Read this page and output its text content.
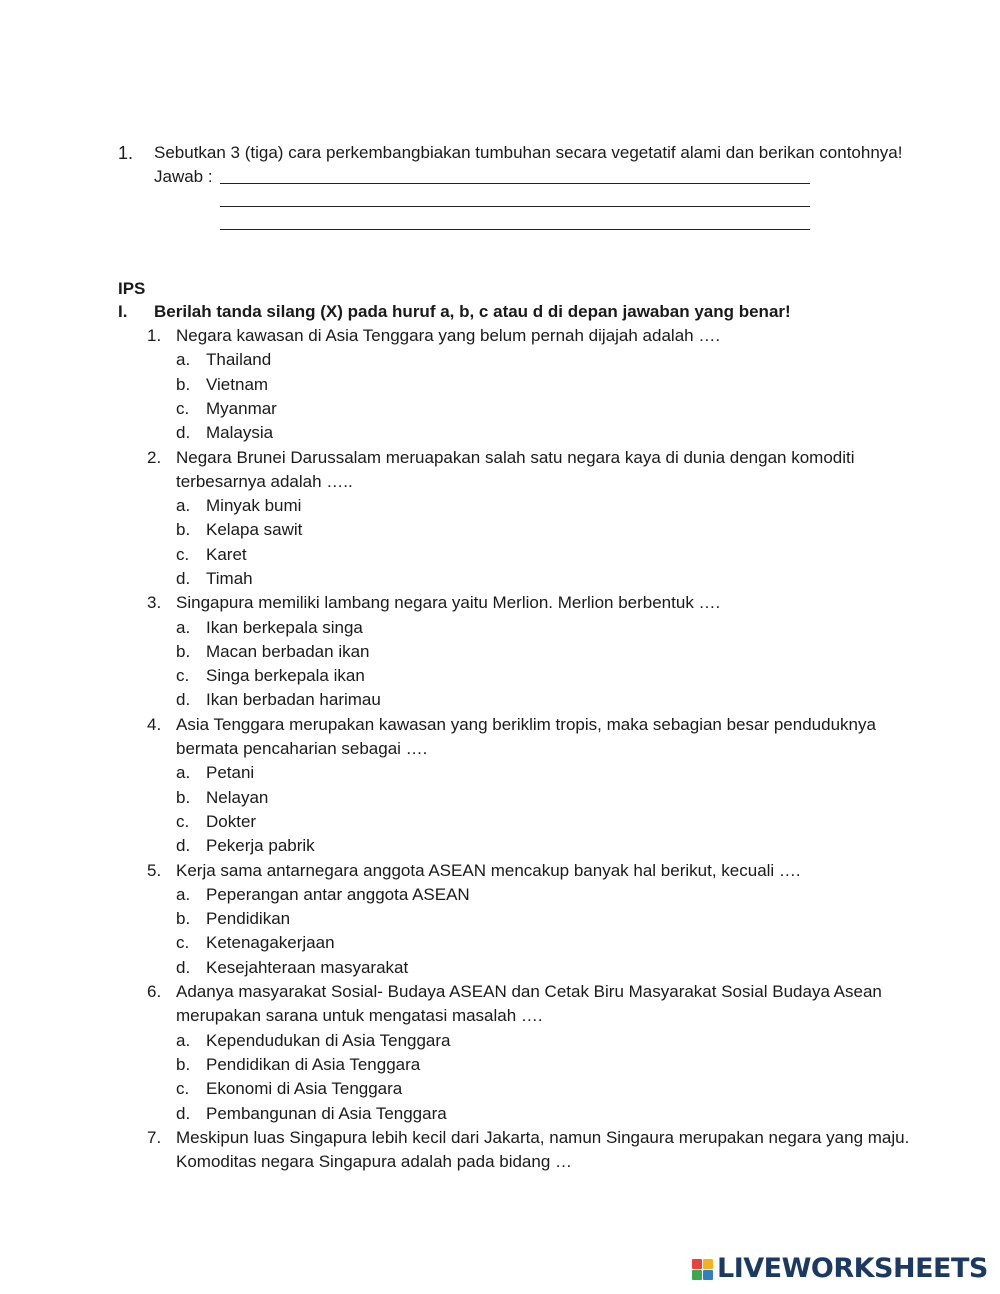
1. Sebutkan 3 (tiga) cara perkembangbiakan tumbuhan secara vegetatif alami dan berikan contohnya!
Jawab :
IPS
I. Berilah tanda silang (X) pada huruf a, b, c atau d di depan jawaban yang benar!
1. Negara kawasan di Asia Tenggara yang belum pernah dijajah adalah ….
a. Thailand
b. Vietnam
c. Myanmar
d. Malaysia
2. Negara Brunei Darussalam meruapakan salah satu negara kaya di dunia dengan komoditi
terbesarnya adalah …..
a. Minyak bumi
b. Kelapa sawit
c. Karet
d. Timah
3. Singapura memiliki lambang negara yaitu Merlion. Merlion berbentuk ….
a. Ikan berkepala singa
b. Macan berbadan ikan
c. Singa berkepala ikan
d. Ikan berbadan harimau
4. Asia Tenggara merupakan kawasan yang beriklim tropis, maka sebagian besar penduduknya
bermata pencaharian sebagai ….
a. Petani
b. Nelayan
c. Dokter
d. Pekerja pabrik
5. Kerja sama antarnegara anggota ASEAN mencakup banyak hal berikut, kecuali ….
a. Peperangan antar anggota ASEAN
b. Pendidikan
c. Ketenagakerjaan
d. Kesejahteraan masyarakat
6. Adanya masyarakat Sosial- Budaya ASEAN dan Cetak Biru Masyarakat Sosial Budaya Asean
merupakan sarana untuk mengatasi masalah ….
a. Kependudukan di Asia Tenggara
b. Pendidikan di Asia Tenggara
c. Ekonomi di Asia Tenggara
d. Pembangunan di Asia Tenggara
7. Meskipun luas Singapura lebih kecil dari Jakarta, namun Singaura merupakan negara yang maju.
Komoditas negara Singapura adalah pada bidang …
LIVEWORKSHEETS
